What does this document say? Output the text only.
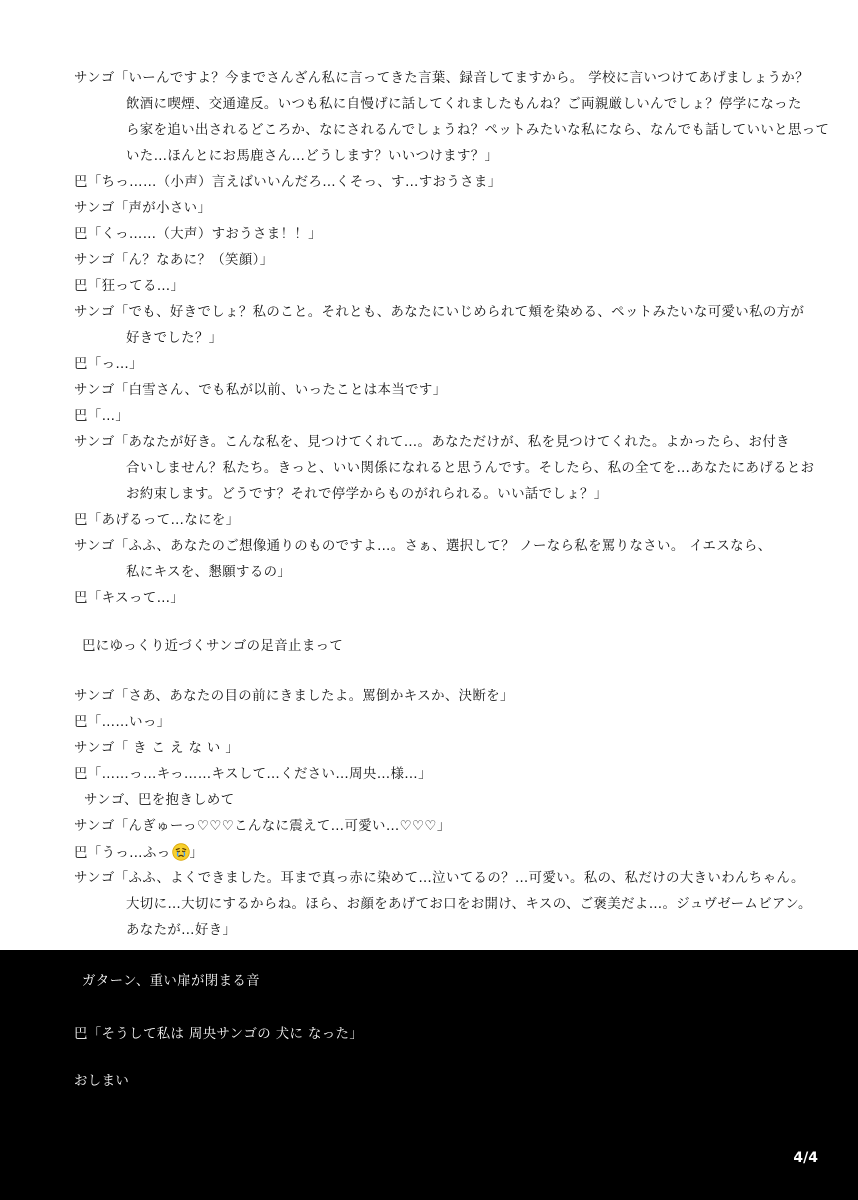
サンゴ「いーんですよ？今までさんざん私に言ってきた言葉、録音してますから。 学校に言いつけてあげましょうか？
飲酒に喫煙、交通違反。いつも私に自慢げに話してくれましたもんね？ご両親厳しいんでしょ？停学になった
ら家を追い出されるどころか、なにされるんでしょうね？ペットみたいな私になら、なんでも話していいと思って
いた…ほんとにお馬鹿さん…どうします？いいつけます？」
巴「ちっ……（小声）言えばいいんだろ…くそっ、す…すおうさま」
サンゴ「声が小さい」
巴「くっ……（大声）すおうさま！！」
サンゴ「ん？なあに？（笑顔）」
巴「狂ってる…」
サンゴ「でも、好きでしょ？私のこと。それとも、あなたにいじめられて頬を染める、ペットみたいな可愛い私の方が
好きでした？」
巴「っ…」
サンゴ「白雪さん、でも私が以前、いったことは本当です」
巴「…」
サンゴ「あなたが好き。こんな私を、見つけてくれて…。あなただけが、私を見つけてくれた。よかったら、お付き
合いしません？私たち。きっと、いい関係になれると思うんです。そしたら、私の全てを…あなたにあげるとお
お約束します。どうです？それで停学からものがれられる。いい話でしょ？」
巴「あげるって…なにを」
サンゴ「ふふ、あなたのご想像通りのものですよ…。さぁ、選択して？ ノーなら私を罵りなさい。 イエスなら、
私にキスを、懇願するの」
巴「キスって…」
巴にゆっくり近づくサンゴの足音止まって
サンゴ「さあ、あなたの目の前にきましたよ。罵倒かキスか、決断を」
巴「……いっ」
サンゴ「 き こ え な い 」
巴「……っ…キっ……キスして…ください…周央…様…」
サンゴ、巴を抱きしめて
サンゴ「んぎゅーっ♡♡♡こんなに震えて…可愛い…♡♡♡」
巴「うっ…ふっ 」
サンゴ「ふふ、よくできました。耳まで真っ赤に染めて…泣いてるの？…可愛い。私の、私だけの大きいわんちゃん。
大切に…大切にするからね。ほら、お顔をあげてお口をお開け、キスの、ご褒美だよ…。ジュヴゼームビアン。
あなたが…好き」
ガターン、重い扉が閉まる音
巴「そうして私は 周央サンゴの 犬に なった」
おしまい
4/4
